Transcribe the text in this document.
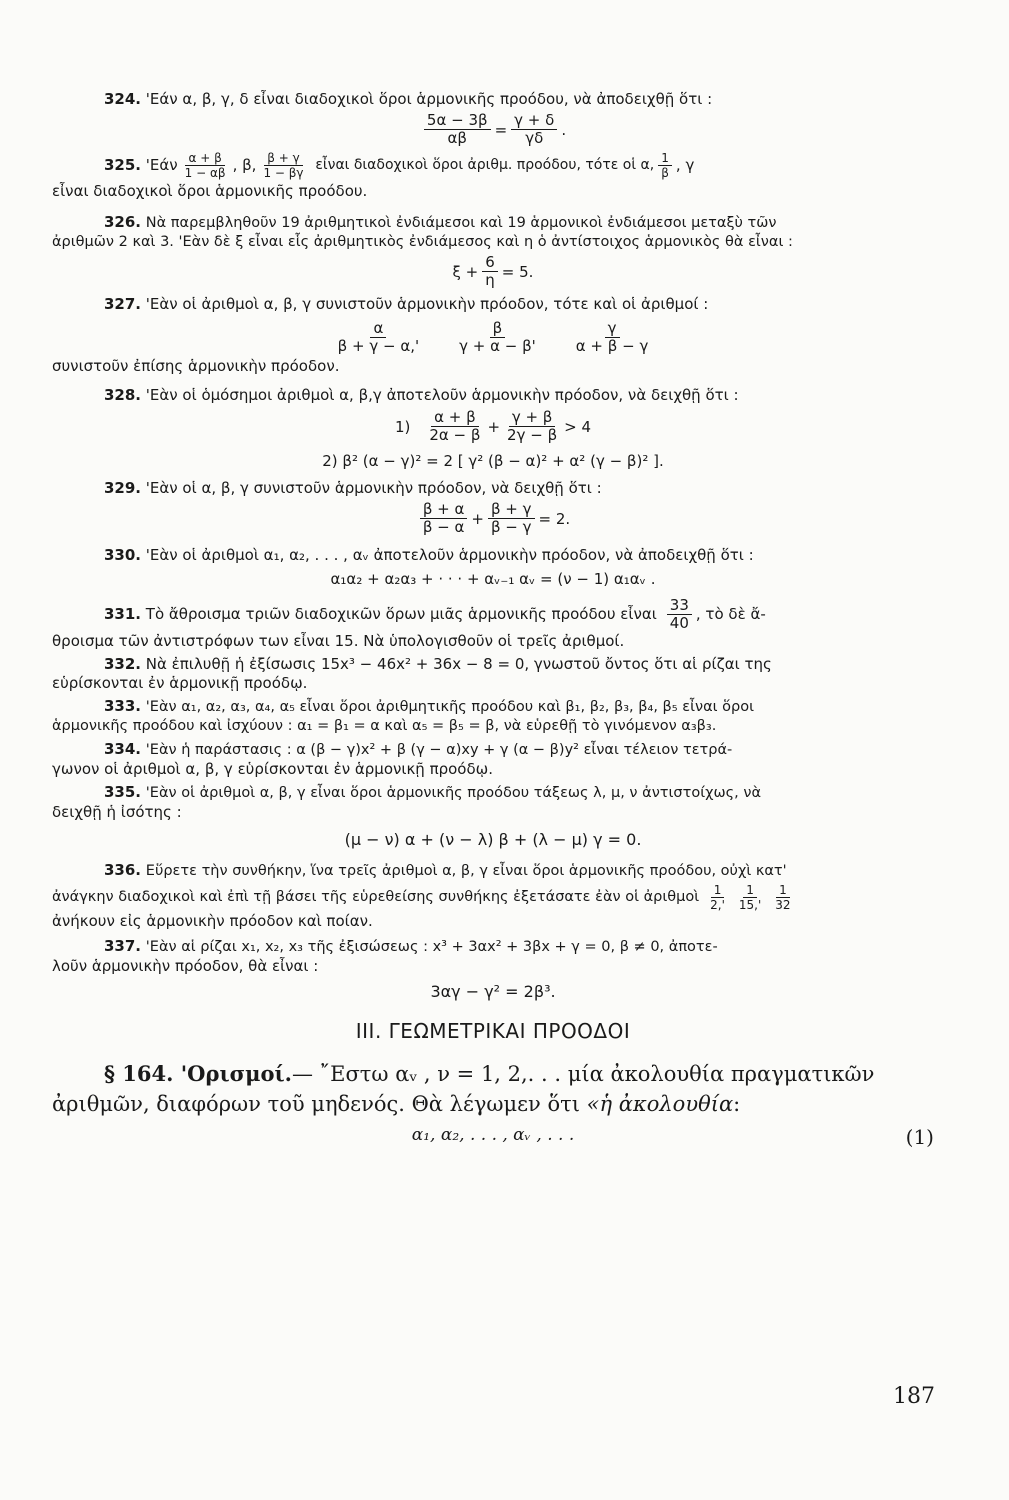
324. 'Εάν α, β, γ, δ εἶναι διαδοχικοὶ ὅροι ἁρμονικῆς προόδου, νὰ ἀποδειχθῇ ὅτι :

$\frac{5\alpha - 3\beta}{\alpha\beta} = \frac{\gamma + \delta}{\gamma\delta}$ .

325.
'$Eά\nu \frac{\alpha + \beta}{1 - \alpha\beta}$ , β, $\frac{\beta + \gamma}{1 - \beta\gamma}$
εἶναι διαδοχικοὶ ὅροι ἀριθμ. προόδου, τότε οἱ α, $\frac{1}{\beta}$ , γ

εἶναι διαδοχικοὶ ὅροι ἁρμονικῆς προόδου.

326. Νὰ παρεμβληθοῦν 19 ἀριθμητικοὶ ἐνδιάμεσοι καὶ 19 ἁρμονικοὶ ἐνδιάμεσοι μεταξὺ τῶν

ἀριθμῶν 2 καὶ 3. 'Εὰν δὲ ξ εἶναι εἷς ἀριθμητικὸς ἐνδιάμεσος καὶ η ὁ ἀντίστοιχος ἁρμονικὸς θὰ εἶναι :

$\xi + \frac{6}{\eta} = 5$.

327. 'Εὰν οἱ ἀριθμοὶ α, β, γ συνιστοῦν ἁρμονικὴν πρόοδον, τότε καὶ οἱ ἀριθμοί :

$\frac{\alpha}{\beta + \gamma - \alpha,'} \frac{\beta}{\gamma + \alpha - \beta'} \frac{\gamma}{\alpha + \beta - \gamma}$

συνιστοῦν ἐπίσης ἁρμονικὴν πρόοδον.

328. 'Εὰν οἱ ὁμόσημοι ἀριθμοὶ α, β,γ ἀποτελοῦν ἁρμονικὴν πρόοδον, νὰ δειχθῇ ὅτι :

$1) \frac{\alpha + \beta}{2\alpha - \beta} + \frac{\gamma + \beta}{2\gamma - \beta} > 4$

2) β² (α − γ)² = 2 [ γ² (β − α)² + α² (γ − β)² ].

329. 'Εὰν οἱ α, β, γ συνιστοῦν ἁρμονικὴν πρόοδον, νὰ δειχθῇ ὅτι :

$\frac{\beta + \alpha}{\beta - \alpha} + \frac{\beta + \gamma}{\beta - \gamma} = 2$.

330. 'Εὰν οἱ ἀριθμοὶ α₁, α₂, . . . , αᵥ ἀποτελοῦν ἁρμονικὴν πρόοδον, νὰ ἀποδειχθῇ ὅτι :

α₁α₂ + α₂α₃ + · · · + αᵥ₋₁ αᵥ = (ν − 1) α₁αᵥ .

331.
Τὸ ἄθροισμα τριῶν διαδοχικῶν ὅρων μιᾶς ἁρμονικῆς προόδου εἶναι $\frac{33}{40}$ , τὸ δὲ ἄ-

θροισμα τῶν ἀντιστρόφων των εἶναι 15. Νὰ ὑπολογισθοῦν οἱ τρεῖς ἀριθμοί.

332. Νὰ ἐπιλυθῇ ἡ ἐξίσωσις 15x³ − 46x² + 36x − 8 = 0, γνωστοῦ ὄντος ὅτι αἱ ρίζαι της

εὑρίσκονται ἐν ἁρμονικῇ προόδῳ.

333. 'Εὰν α₁, α₂, α₃, α₄, α₅ εἶναι ὅροι ἀριθμητικῆς προόδου καὶ β₁, β₂, β₃, β₄, β₅ εἶναι ὅροι

ἁρμονικῆς προόδου καὶ ἰσχύουν : α₁ = β₁ = α καὶ α₅ = β₅ = β, νὰ εὑρεθῇ τὸ γινόμενον α₃β₃.

334. 'Εὰν ἡ παράστασις : α (β − γ)x² + β (γ − α)xy + γ (α − β)y² εἶναι τέλειον τετρά-

γωνον οἱ ἀριθμοὶ α, β, γ εὑρίσκονται ἐν ἁρμονικῇ προόδῳ.

335. 'Εὰν οἱ ἀριθμοὶ α, β, γ εἶναι ὅροι ἁρμονικῆς προόδου τάξεως λ, μ, ν ἀντιστοίχως, νὰ

δειχθῇ ἡ ἰσότης :

(μ − ν) α + (ν − λ) β + (λ − μ) γ = 0.

336. Εὕρετε τὴν συνθήκην, ἵνα τρεῖς ἀριθμοὶ α, β, γ εἶναι ὅροι ἁρμονικῆς προόδου, οὐχὶ κατ'

ἀνάγκην διαδοχικοὶ καὶ ἐπὶ τῇ βάσει τῆς εὑρεθείσης συνθήκης ἐξετάσατε ἐὰν οἱ ἀριθμοὶ $\frac{1}{2,'} \frac{1}{15,'} \frac{1}{32}$

ἀνήκουν εἰς ἁρμονικὴν πρόοδον καὶ ποίαν.

337. 'Εὰν αἱ ρίζαι x₁, x₂, x₃ τῆς ἐξισώσεως : x³ + 3αx² + 3βx + γ = 0, β ≠ 0, ἀποτε-

λοῦν ἁρμονικὴν πρόοδον, θὰ εἶναι :

3αγ − γ² = 2β³.

III. ΓΕΩΜΕΤΡΙΚΑΙ ΠΡΟΟΔΟΙ
§ 164. 'Ορισμοί.— ῎Εστω αᵥ , ν = 1, 2,. . . μία ἀκολουθία πραγματικῶν
ἀριθμῶν, διαφόρων τοῦ μηδενός. Θὰ λέγωμεν ὅτι «ἡ ἀκολουθία:
α₁, α₂, . . . , αᵥ , . . .	(1)
187
